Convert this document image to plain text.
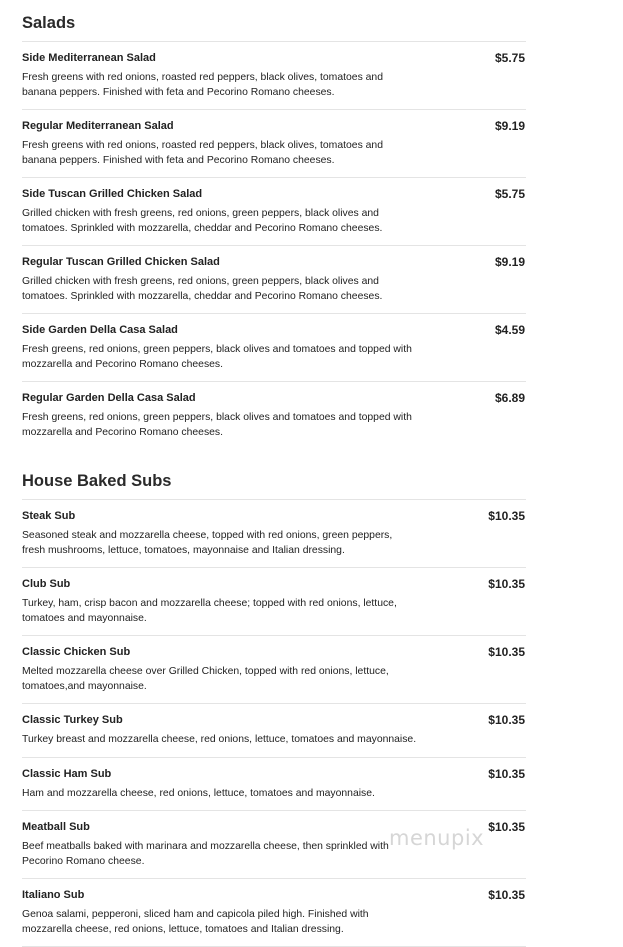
Salads
Side Mediterranean Salad	$5.75
Fresh greens with red onions, roasted red peppers, black olives, tomatoes and banana peppers. Finished with feta and Pecorino Romano cheeses.
Regular Mediterranean Salad	$9.19
Fresh greens with red onions, roasted red peppers, black olives, tomatoes and banana peppers. Finished with feta and Pecorino Romano cheeses.
Side Tuscan Grilled Chicken Salad	$5.75
Grilled chicken with fresh greens, red onions, green peppers, black olives and tomatoes. Sprinkled with mozzarella, cheddar and Pecorino Romano cheeses.
Regular Tuscan Grilled Chicken Salad	$9.19
Grilled chicken with fresh greens, red onions, green peppers, black olives and tomatoes. Sprinkled with mozzarella, cheddar and Pecorino Romano cheeses.
Side Garden Della Casa Salad	$4.59
Fresh greens, red onions, green peppers, black olives and tomatoes and topped with mozzarella and Pecorino Romano cheeses.
Regular Garden Della Casa Salad	$6.89
Fresh greens, red onions, green peppers, black olives and tomatoes and topped with mozzarella and Pecorino Romano cheeses.
House Baked Subs
Steak Sub	$10.35
Seasoned steak and mozzarella cheese, topped with red onions, green peppers, fresh mushrooms, lettuce, tomatoes, mayonnaise and Italian dressing.
Club Sub	$10.35
Turkey, ham, crisp bacon and mozzarella cheese; topped with red onions, lettuce, tomatoes and mayonnaise.
Classic Chicken Sub	$10.35
Melted mozzarella cheese over Grilled Chicken, topped with red onions, lettuce, tomatoes,and mayonnaise.
Classic Turkey Sub	$10.35
Turkey breast and mozzarella cheese, red onions, lettuce, tomatoes and mayonnaise.
Classic Ham Sub	$10.35
Ham and mozzarella cheese, red onions, lettuce, tomatoes and mayonnaise.
Meatball Sub	$10.35
Beef meatballs baked with marinara and mozzarella cheese, then sprinkled with Pecorino Romano cheese.
Italiano Sub	$10.35
Genoa salami, pepperoni, sliced ham and capicola piled high. Finished with mozzarella cheese, red onions, lettuce, tomatoes and Italian dressing.
menupix
